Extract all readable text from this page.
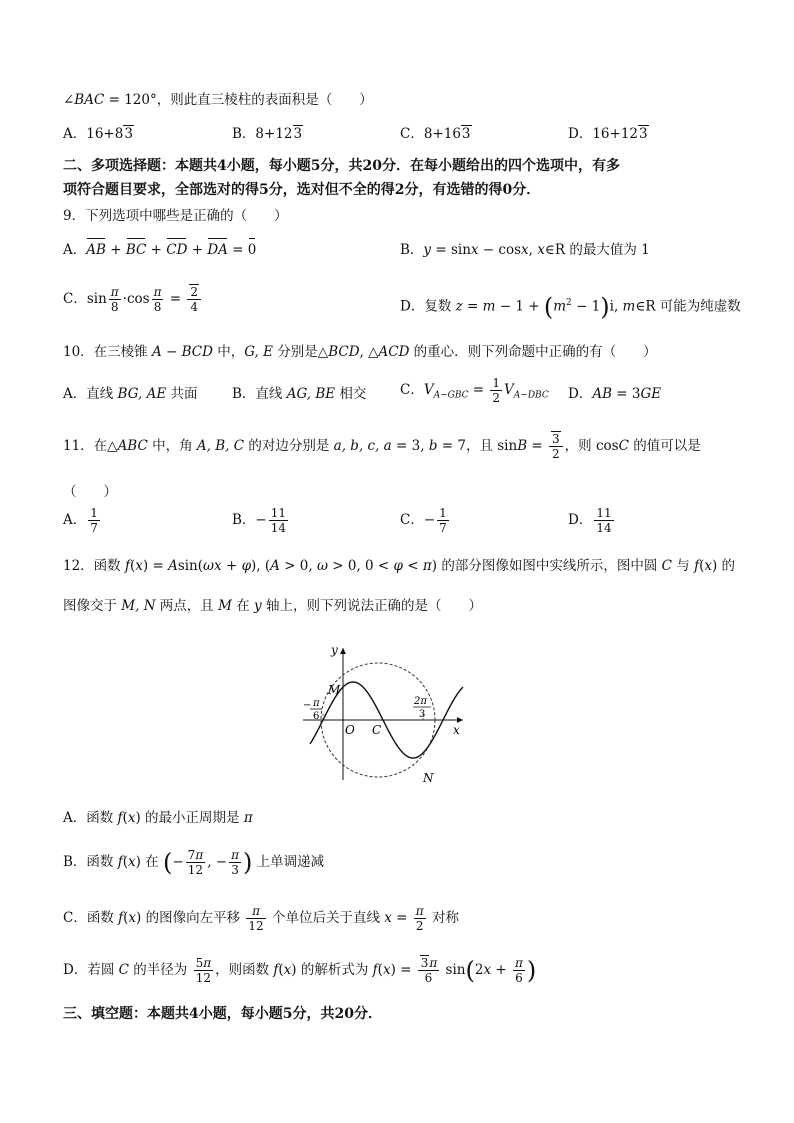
∠BAC = 120°，则此直三棱柱的表面积是（　　）
A．16+83	B．8+123	C．8+163	D．16+123
二、多项选择题：本题共4小题，每小题5分，共20分．在每小题给出的四个选项中，有多
项符合题目要求，全部选对的得5分，选对但不全的得2分，有选错的得0分．
9．下列选项中哪些是正确的（　　）
A．AB + BC + CD + DA = 0	B．y = sinx − cosx, x∈R 的最大值为 1
C．$\sin \frac{\pi}{8} \cdot\cos \frac{\pi}{8} = \frac{2}{4}$	D．复数 $z = m - 1 + (m^2 - 1)i$, m∈R 可能为纯虚数
10．在三棱锥 A − BCD 中，G, E 分别是△BCD, △ACD 的重心．则下列命题中正确的有（　　）
A．直线 BG, AE 共面	B．直线 AG, BE 相交 C．$V_{A-GBC} = \frac{1}{2} V_{A-DBC}$ D．AB = 3GE
11．在△ABC 中，角 A, B, C 的对边分别是 a, b, c, a = 3, b = 7，且 $\sin B = \frac{3}{2}$ ，则 cosC 的值可以是
（　　）
A． $\frac{1}{7}$	B．− $\frac{11}{14}$	C．− $\frac{1}{7}$	D． $\frac{11}{14}$
12．函数 f(x) = Asin(ωx + φ), (A > 0, ω > 0, 0 < φ < π) 的部分图像如图中实线所示，图中圆 C 与 f(x) 的
图像交于 M, N 两点，且 M 在 y 轴上，则下列说法正确的是（　　）
y
x
M
N
O C
− π
6
2π
3
A．函数 f(x) 的最小正周期是 π
B．函数 f(x) 在 (− $\frac{7\pi}{12}$ , − $\frac{\pi}{3}$ ) 上单调递减
C．函数 f(x) 的图像向左平移 $\frac{\pi}{12}$ 个单位后关于直线 $x = \frac{\pi}{2}$ 对称
D．若圆 C 的半径为 $\frac{5\pi}{12}$ ，则函数 f(x) 的解析式为 $f(x) = \frac{3\pi}{6} \sin(2x + \frac{\pi}{6}$ )
三、填空题：本题共4小题，每小题5分，共20分．
